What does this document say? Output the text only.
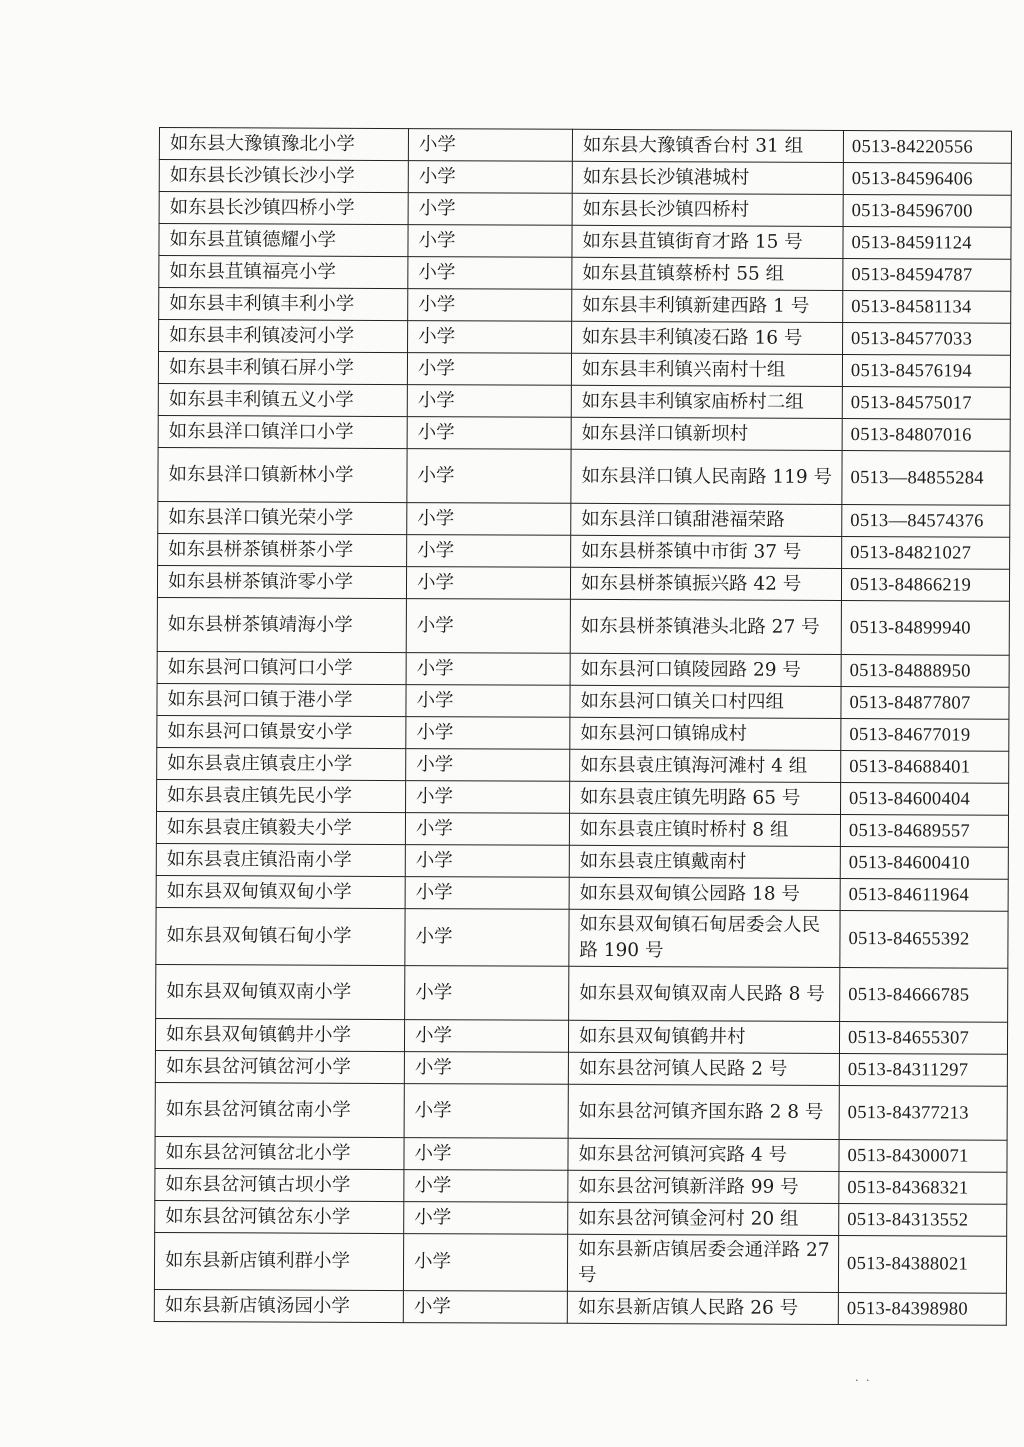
如东县大豫镇豫北小学	小学	如东县大豫镇香台村 31 组	0513-84220556
如东县长沙镇长沙小学	小学	如东县长沙镇港城村	0513-84596406
如东县长沙镇四桥小学	小学	如东县长沙镇四桥村	0513-84596700
如东县苴镇德耀小学	小学	如东县苴镇街育才路 15 号	0513-84591124
如东县苴镇福亮小学	小学	如东县苴镇蔡桥村 55 组	0513-84594787
如东县丰利镇丰利小学	小学	如东县丰利镇新建西路 1 号	0513-84581134
如东县丰利镇凌河小学	小学	如东县丰利镇凌石路 16 号	0513-84577033
如东县丰利镇石屏小学	小学	如东县丰利镇兴南村十组	0513-84576194
如东县丰利镇五义小学	小学	如东县丰利镇家庙桥村二组	0513-84575017
如东县洋口镇洋口小学	小学	如东县洋口镇新坝村	0513-84807016
如东县洋口镇新林小学	小学	如东县洋口镇人民南路 119 号	0513—84855284
如东县洋口镇光荣小学	小学	如东县洋口镇甜港福荣路	0513—84574376
如东县栟茶镇栟茶小学	小学	如东县栟茶镇中市街 37 号	0513-84821027
如东县栟茶镇浒零小学	小学	如东县栟茶镇振兴路 42 号	0513-84866219
如东县栟茶镇靖海小学	小学	如东县栟茶镇港头北路 27 号	0513-84899940
如东县河口镇河口小学	小学	如东县河口镇陵园路 29 号	0513-84888950
如东县河口镇于港小学	小学	如东县河口镇关口村四组	0513-84877807
如东县河口镇景安小学	小学	如东县河口镇锦成村	0513-84677019
如东县袁庄镇袁庄小学	小学	如东县袁庄镇海河滩村 4 组	0513-84688401
如东县袁庄镇先民小学	小学	如东县袁庄镇先明路 65 号	0513-84600404
如东县袁庄镇毅夫小学	小学	如东县袁庄镇时桥村 8 组	0513-84689557
如东县袁庄镇沿南小学	小学	如东县袁庄镇戴南村	0513-84600410
如东县双甸镇双甸小学	小学	如东县双甸镇公园路 18 号	0513-84611964
如东县双甸镇石甸小学	小学	如东县双甸镇石甸居委会人民路 190 号	0513-84655392
如东县双甸镇双南小学	小学	如东县双甸镇双南人民路 8 号	0513-84666785
如东县双甸镇鹤井小学	小学	如东县双甸镇鹤井村	0513-84655307
如东县岔河镇岔河小学	小学	如东县岔河镇人民路 2 号	0513-84311297
如东县岔河镇岔南小学	小学	如东县岔河镇齐国东路 2 8 号	0513-84377213
如东县岔河镇岔北小学	小学	如东县岔河镇河宾路 4 号	0513-84300071
如东县岔河镇古坝小学	小学	如东县岔河镇新洋路 99 号	0513-84368321
如东县岔河镇岔东小学	小学	如东县岔河镇金河村 20 组	0513-84313552
如东县新店镇利群小学	小学	如东县新店镇居委会通洋路 27 号	0513-84388021
如东县新店镇汤园小学	小学	如东县新店镇人民路 26 号	0513-84398980
· ·
